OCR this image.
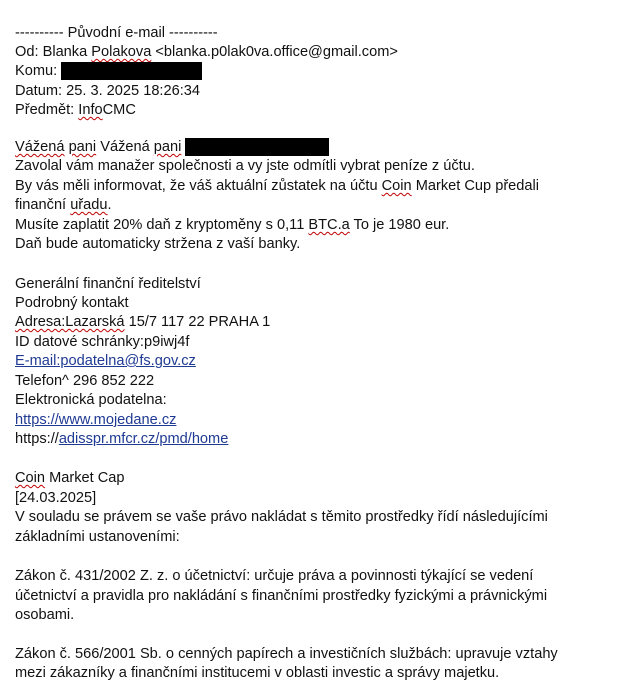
---------- Původní e-mail ----------
Od: Blanka Polakova <blanka.p0lak0va.office@gmail.com>
Komu:
Datum: 25. 3. 2025 18:26:34
Předmět: InfoCMC
Vážená pani Vážená pani
Zavolal vám manažer společnosti a vy jste odmítli vybrat peníze z účtu.
By vás měli informovat, že váš aktuální zůstatek na účtu Coin Market Cup předali
finanční uřadu.
Musíte zaplatit 20% daň z kryptoměny s 0,11 BTC.a To je 1980 eur.
Daň bude automaticky stržena z vaší banky.
Generální finanční ředitelství
Podrobný kontakt
Adresa:Lazarská 15/7 117 22 PRAHA 1
ID datové schránky:p9iwj4f
E-mail:podatelna@fs.gov.cz
Telefon^ 296 852 222
Elektronická podatelna:
https://www.mojedane.cz
https://adisspr.mfcr.cz/pmd/home
Coin Market Cap
[24.03.2025]
V souladu se právem se vaše právo nakládat s těmito prostředky řídí následujícími
základními ustanoveními:
Zákon č. 431/2002 Z. z. o účetnictví: určuje práva a povinnosti týkající se vedení
účetnictví a pravidla pro nakládání s finančními prostředky fyzickými a právnickými
osobami.
Zákon č. 566/2001 Sb. o cenných papírech a investičních službách: upravuje vztahy
mezi zákazníky a finančními institucemi v oblasti invest​ic a správy majetku.
